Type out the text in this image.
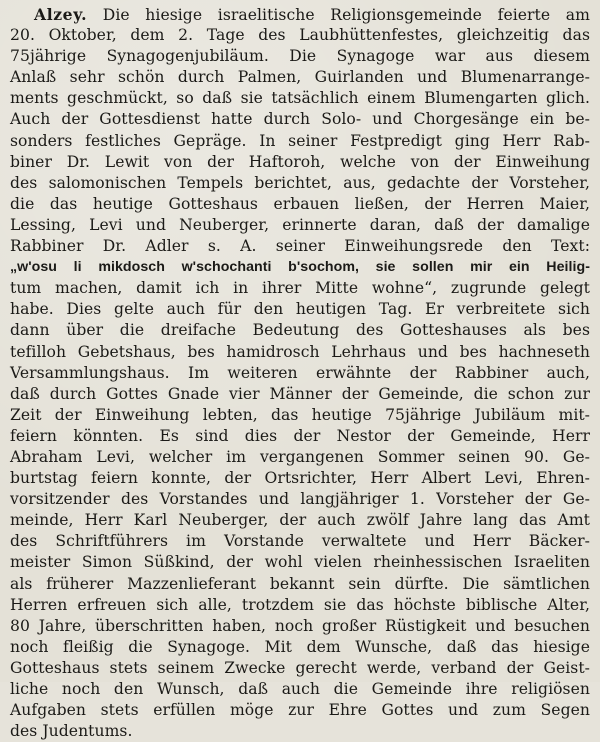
Alzey. Die hiesige israelitische Religionsgemeinde feierte am
20. Oktober, dem 2. Tage des Laubhüttenfestes, gleichzeitig das
75jährige Synagogenjubiläum. Die Synagoge war aus diesem
Anlaß sehr schön durch Palmen, Guirlanden und Blumenarrange-
ments geschmückt, so daß sie tatsächlich einem Blumengarten glich.
Auch der Gottesdienst hatte durch Solo- und Chorgesänge ein be-
sonders festliches Gepräge. In seiner Festpredigt ging Herr Rab-
biner Dr. Lewit von der Haftoroh, welche von der Einweihung
des salomonischen Tempels berichtet, aus, gedachte der Vorsteher,
die das heutige Gotteshaus erbauen ließen, der Herren Maier,
Lessing, Levi und Neuberger, erinnerte daran, daß der damalige
Rabbiner Dr. Adler s. A. seiner Einweihungsrede den Text:
„w'osu li mikdosch w'schochanti b'sochom, sie sollen mir ein Heilig-
tum machen, damit ich in ihrer Mitte wohne“, zugrunde gelegt
habe. Dies gelte auch für den heutigen Tag. Er verbreitete sich
dann über die dreifache Bedeutung des Gotteshauses als bes
tefilloh Gebetshaus, bes hamidrosch Lehrhaus und bes hachneseth
Versammlungshaus. Im weiteren erwähnte der Rabbiner auch,
daß durch Gottes Gnade vier Männer der Gemeinde, die schon zur
Zeit der Einweihung lebten, das heutige 75jährige Jubiläum mit-
feiern könnten. Es sind dies der Nestor der Gemeinde, Herr
Abraham Levi, welcher im vergangenen Sommer seinen 90. Ge-
burtstag feiern konnte, der Ortsrichter, Herr Albert Levi, Ehren-
vorsitzender des Vorstandes und langjähriger 1. Vorsteher der Ge-
meinde, Herr Karl Neuberger, der auch zwölf Jahre lang das Amt
des Schriftführers im Vorstande verwaltete und Herr Bäcker-
meister Simon Süßkind, der wohl vielen rheinhessischen Israeliten
als früherer Mazzenlieferant bekannt sein dürfte. Die sämtlichen
Herren erfreuen sich alle, trotzdem sie das höchste biblische Alter,
80 Jahre, überschritten haben, noch großer Rüstigkeit und besuchen
noch fleißig die Synagoge. Mit dem Wunsche, daß das hiesige
Gotteshaus stets seinem Zwecke gerecht werde, verband der Geist-
liche noch den Wunsch, daß auch die Gemeinde ihre religiösen
Aufgaben stets erfüllen möge zur Ehre Gottes und zum Segen
des Judentums.
